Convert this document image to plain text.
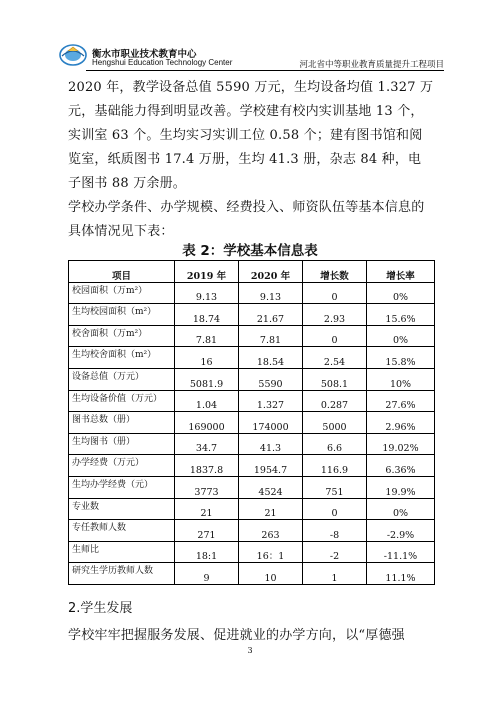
衡水市职业技术教育中心
Hengshui Education Technology Center	河北省中等职业教育质量提升工程项目
2020 年，教学设备总值 5590 万元，生均设备均值 1.327 万元，基础能力得到明显改善。学校建有校内实训基地 13 个，实训室 63 个。生均实习实训工位 0.58 个；建有图书馆和阅览室，纸质图书 17.4 万册，生均 41.3 册，杂志 84 种，电子图书 88 万余册。
学校办学条件、办学规模、经费投入、师资队伍等基本信息的具体情况见下表：
表 2：学校基本信息表
项目	2019 年	2020 年	增长数	增长率
校园面积（万m²）	9.13	9.13	0	0%
生均校园面积（m²）	18.74	21.67	2.93	15.6%
校舍面积（万m²）	7.81	7.81	0	0%
生均校舍面积（m²）	16	18.54	2.54	15.8%
设备总值（万元）	5081.9	5590	508.1	10%
生均设备价值（万元）	1.04	1.327	0.287	27.6%
图书总数（册）	169000	174000	5000	2.96%
生均图书（册）	34.7	41.3	6.6	19.02%
办学经费（万元）	1837.8	1954.7	116.9	6.36%
生均办学经费（元）	3773	4524	751	19.9%
专业数	21	21	0	0%
专任教师人数	271	263	-8	-2.9%
生师比	18:1	16：1	-2	-11.1%
研究生学历教师人数	9	10	1	11.1%
2.学生发展
学校牢牢把握服务发展、促进就业的办学方向，以“厚德强
3
